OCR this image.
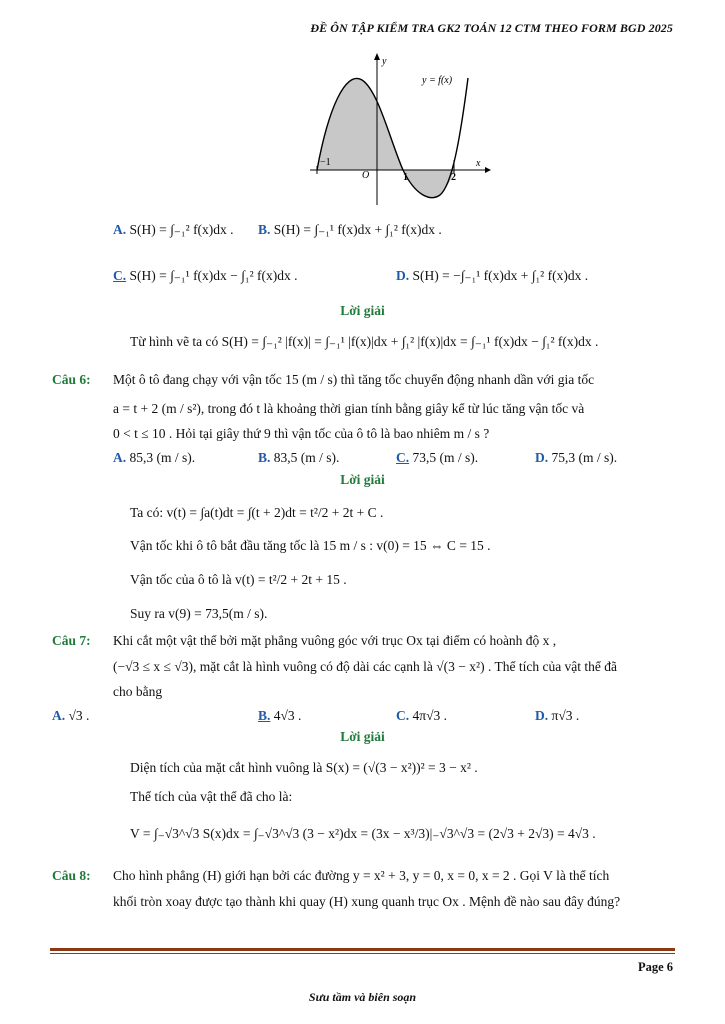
ĐỀ ÔN TẬP KIỂM TRA GK2 TOÁN 12 CTM THEO FORM BGD 2025
y
x
y = f(x)
O
−1
1	2
A. S(H) = ∫₋₁² f(x)dx . B. S(H) = ∫₋₁¹ f(x)dx + ∫₁² f(x)dx .
C. S(H) = ∫₋₁¹ f(x)dx − ∫₁² f(x)dx .	D. S(H) = −∫₋₁¹ f(x)dx + ∫₁² f(x)dx .
Lời giải
Từ hình vẽ ta có S(H) = ∫₋₁² |f(x)| = ∫₋₁¹ |f(x)|dx + ∫₁² |f(x)|dx = ∫₋₁¹ f(x)dx − ∫₁² f(x)dx .
Câu 6: Một ô tô đang chạy với vận tốc 15 (m / s) thì tăng tốc chuyển động nhanh dần với gia tốc
a = t + 2 (m / s²), trong đó t là khoảng thời gian tính bằng giây kể từ lúc tăng vận tốc và
0 < t ≤ 10 . Hỏi tại giây thứ 9 thì vận tốc của ô tô là bao nhiêm m / s ?
A. 85,3 (m / s).	B. 83,5 (m / s).	C. 73,5 (m / s).	D. 75,3 (m / s).
Lời giải
Ta có: v(t) = ∫a(t)dt = ∫(t + 2)dt = t²/2 + 2t + C .
Vận tốc khi ô tô bắt đầu tăng tốc là 15 m / s : v(0) = 15 ⇔ C = 15 .
Vận tốc của ô tô là v(t) = t²/2 + 2t + 15 .
Suy ra v(9) = 73,5(m / s).
Câu 7: Khi cắt một vật thể bởi mặt phẳng vuông góc với trục Ox tại điểm có hoành độ x ,
(−√3 ≤ x ≤ √3), mặt cắt là hình vuông có độ dài các cạnh là √(3 − x²) . Thể tích của vật thể đã
cho bằng
A. √3 .	B. 4√3 .	C. 4π√3 .	D. π√3 .
Lời giải
Diện tích của mặt cắt hình vuông là S(x) = (√(3 − x²))² = 3 − x² .
Thể tích của vật thể đã cho là:
V = ∫₋√3^√3 S(x)dx = ∫₋√3^√3 (3 − x²)dx = (3x − x³/3)|₋√3^√3 = (2√3 + 2√3) = 4√3 .
Câu 8: Cho hình phẳng (H) giới hạn bởi các đường y = x² + 3, y = 0, x = 0, x = 2 . Gọi V là thể tích
khối tròn xoay được tạo thành khi quay (H) xung quanh trục Ox . Mệnh đề nào sau đây đúng?
Page 6
Sưu tầm và biên soạn
